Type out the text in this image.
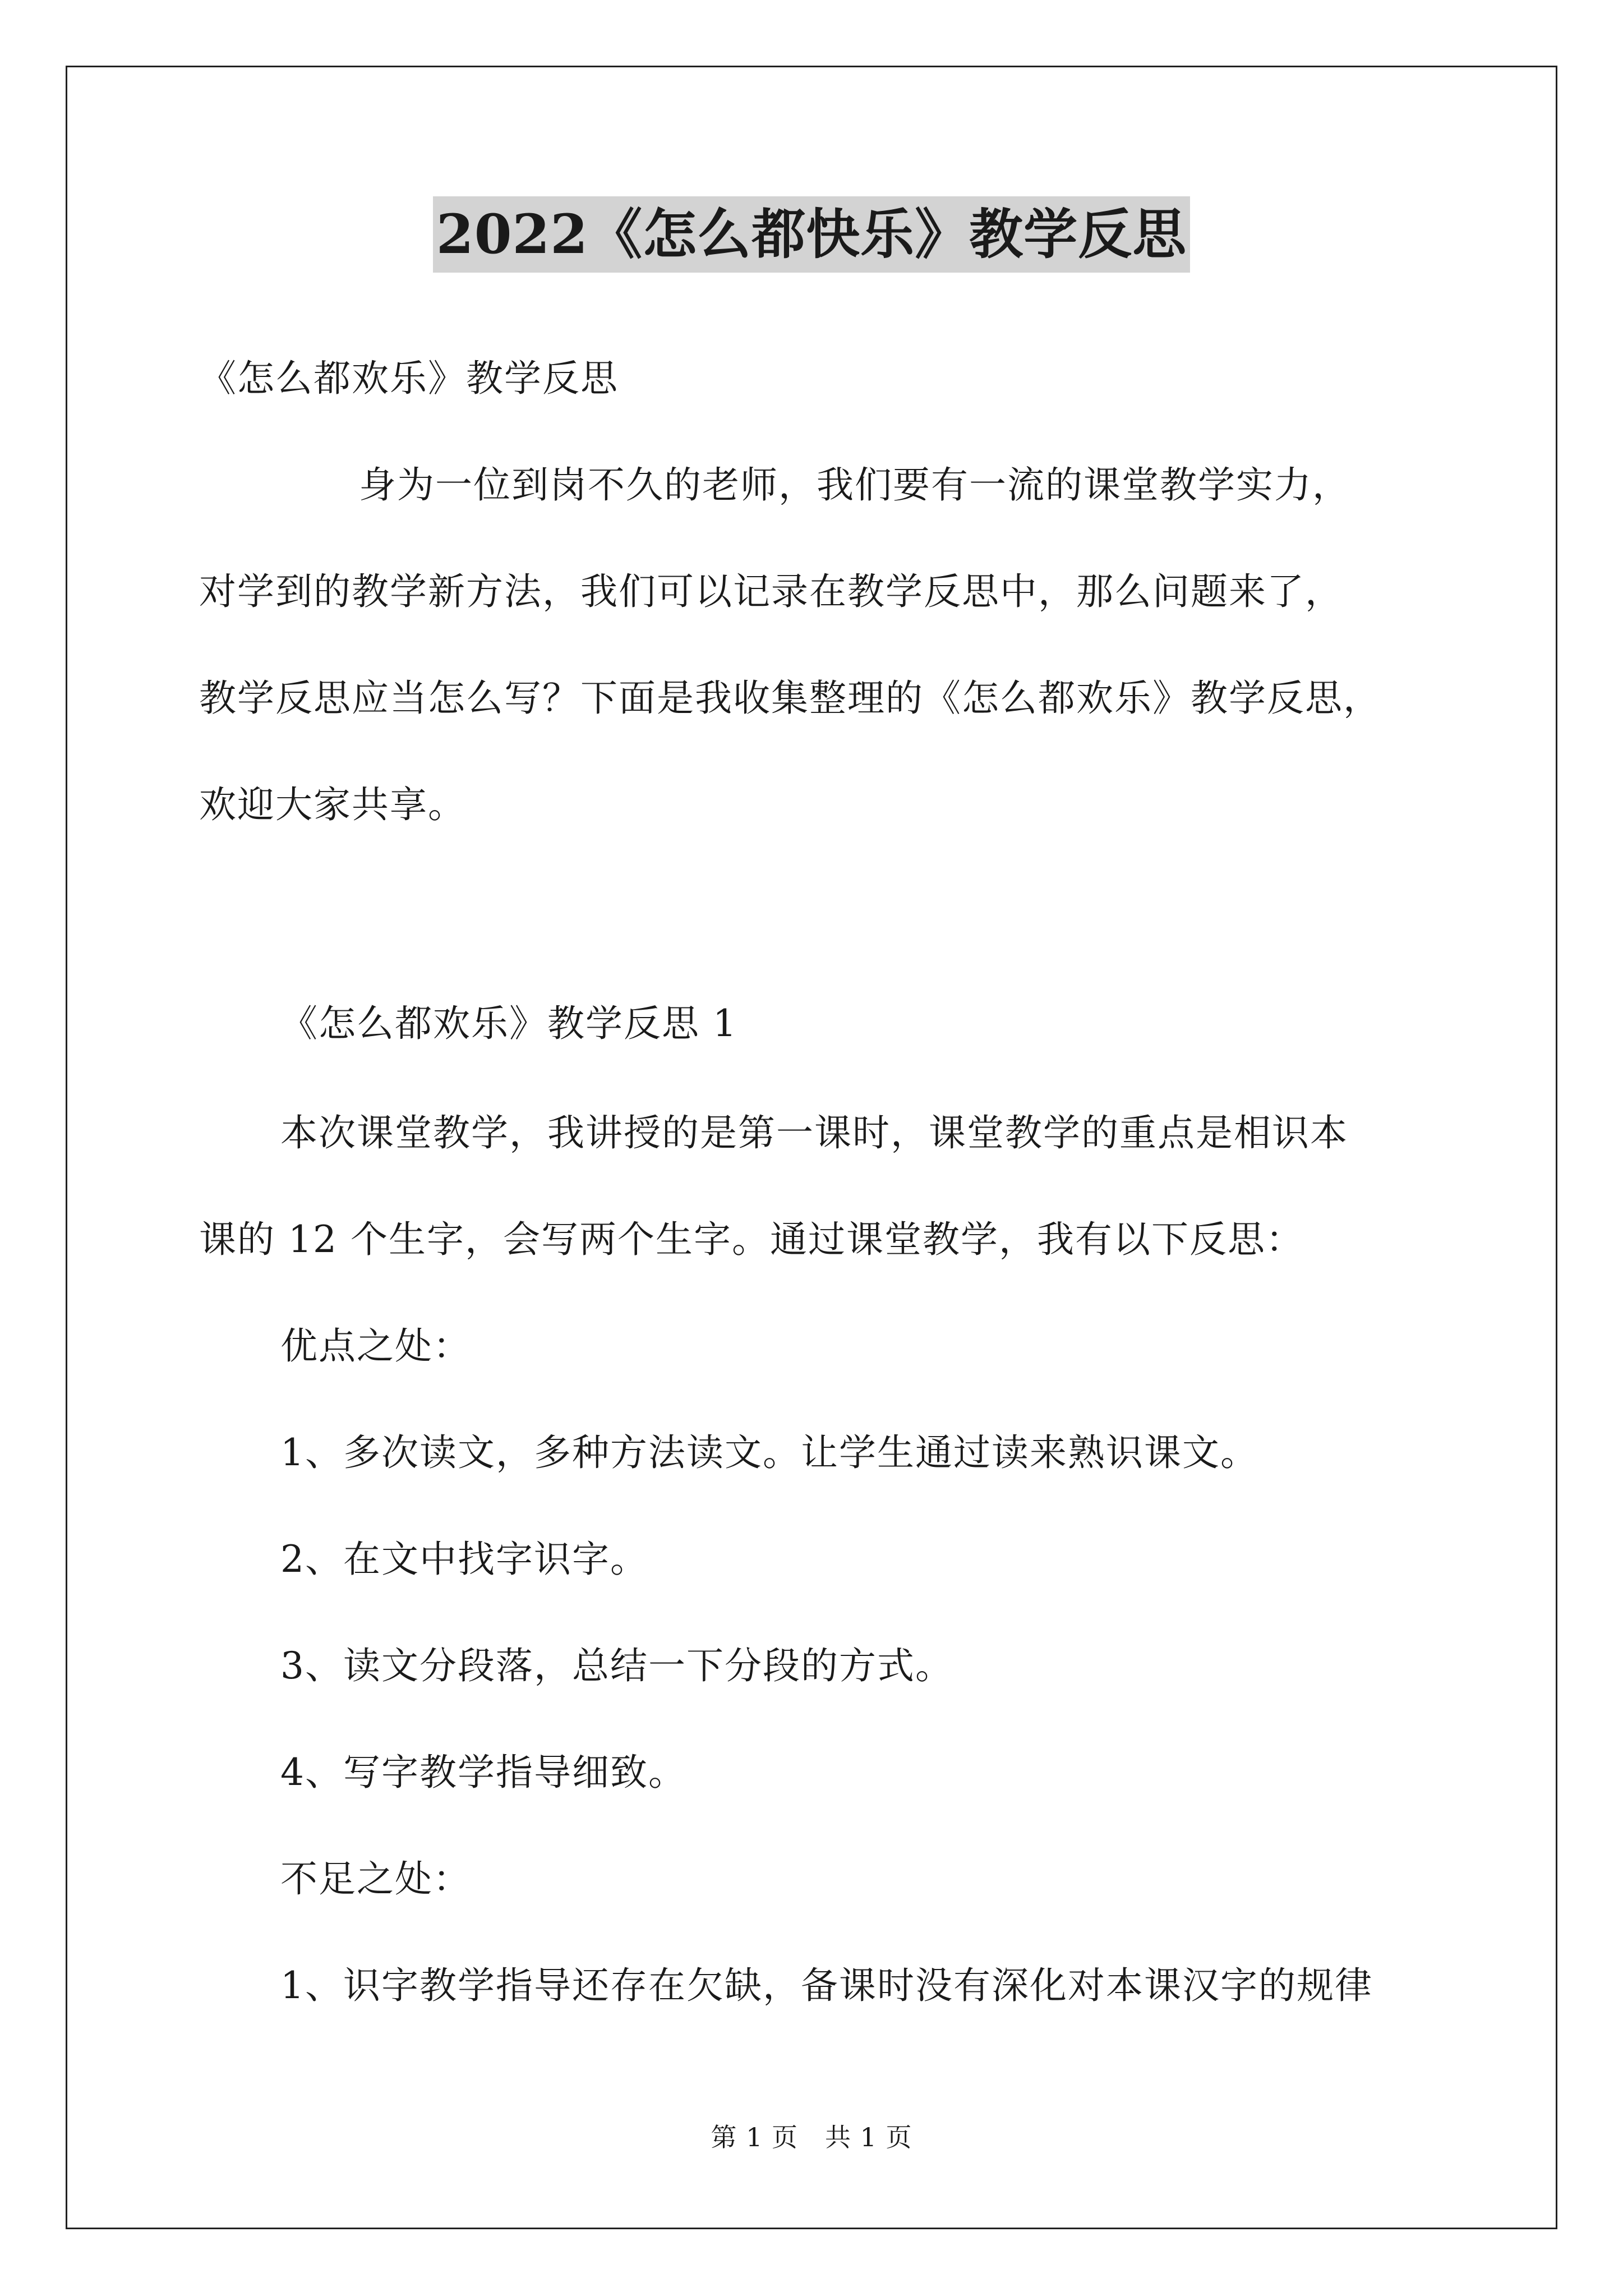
2022《怎么都快乐》教学反思
《怎么都欢乐》教学反思
身为一位到岗不久的老师，我们要有一流的课堂教学实力，
对学到的教学新方法，我们可以记录在教学反思中，那么问题来了，
教学反思应当怎么写？下面是我收集整理的《怎么都欢乐》教学反思，
欢迎大家共享。
《怎么都欢乐》教学反思 1
本次课堂教学，我讲授的是第一课时，课堂教学的重点是相识本
课的 12 个生字，会写两个生字。通过课堂教学，我有以下反思：
优点之处：
1、多次读文，多种方法读文。让学生通过读来熟识课文。
2、在文中找字识字。
3、读文分段落，总结一下分段的方式。
4、写字教学指导细致。
不足之处：
1、识字教学指导还存在欠缺，备课时没有深化对本课汉字的规律
第 1 页 共 1 页
